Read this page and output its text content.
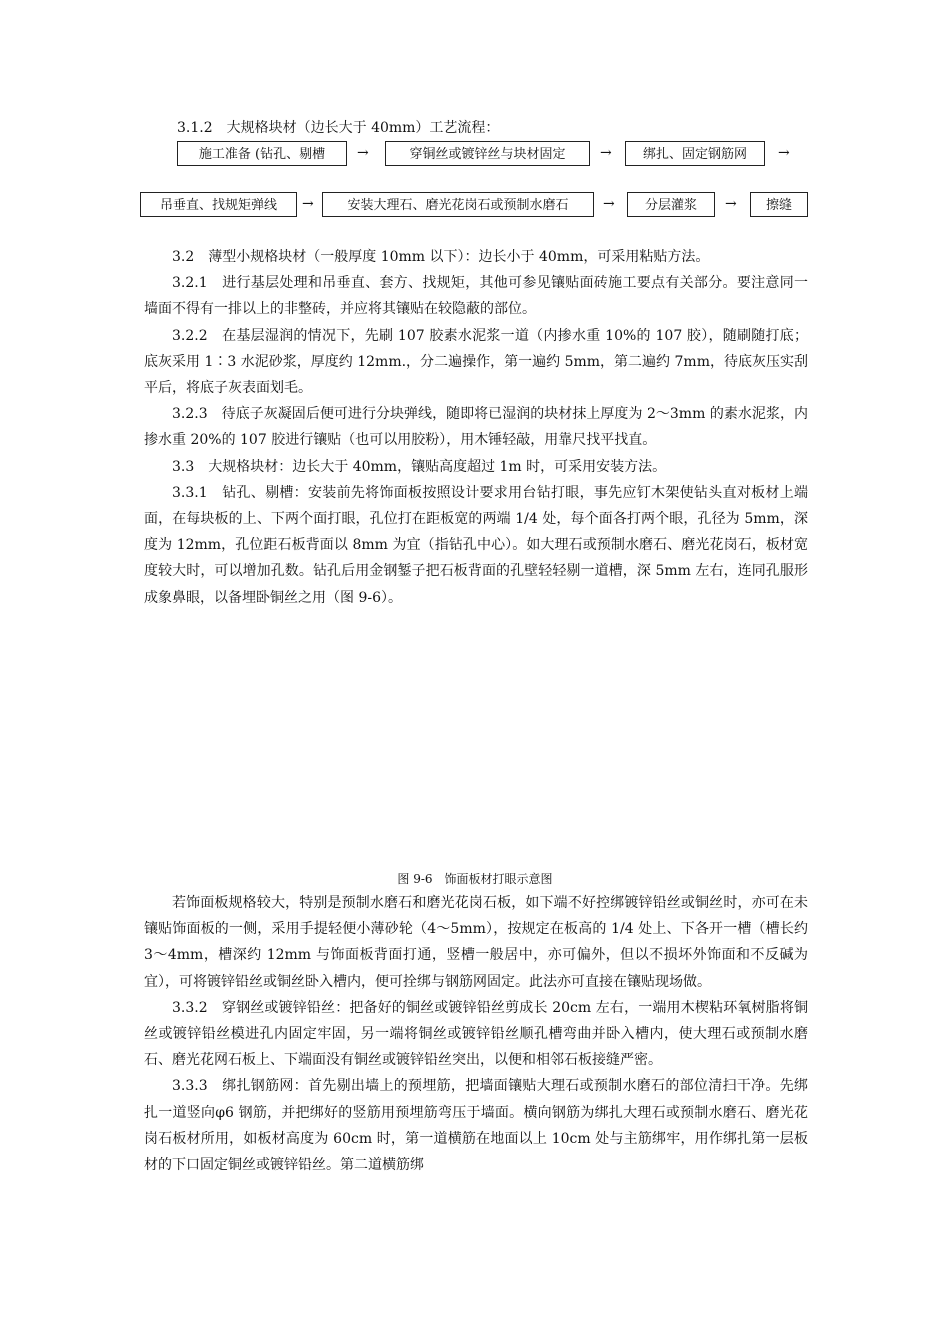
3.1.2　大规格块材（边长大于 40mm）工艺流程：
施工准备 (钻孔、剔槽	→	穿铜丝或镀锌丝与块材固定	→	绑扎、固定钢筋网	→
吊垂直、找规矩弹线	→	安装大理石、磨光花岗石或预制水磨石	→	分层灌浆	→	擦缝

3.2　薄型小规格块材（一般厚度 10mm 以下）：边长小于 40mm，可采用粘贴方法。

3.2.1　进行基层处理和吊垂直、套方、找规矩，其他可参见镶贴面砖施工要点有关部分。要注意同一墙面不得有一排以上的非整砖，并应将其镶贴在较隐蔽的部位。

3.2.2　在基层湿润的情况下，先刷 107 胶素水泥浆一道（内掺水重 10%的 107 胶），随刷随打底；底灰采用 1∶3 水泥砂浆，厚度约 12mm.，分二遍操作，第一遍约 5mm，第二遍约 7mm，待底灰压实刮平后，将底子灰表面划毛。

3.2.3　待底子灰凝固后便可进行分块弹线，随即将已湿润的块材抹上厚度为 2～3mm 的素水泥浆，内掺水重 20%的 107 胶进行镶贴（也可以用胶粉），用木锤轻敲，用靠尺找平找直。

3.3　大规格块材：边长大于 40mm，镶贴高度超过 1m 时，可采用安装方法。

3.3.1　钻孔、剔槽：安装前先将饰面板按照设计要求用台钻打眼，事先应钉木架使钻头直对板材上端面，在每块板的上、下两个面打眼，孔位打在距板宽的两端 1/4 处，每个面各打两个眼，孔径为 5mm，深度为 12mm，孔位距石板背面以 8mm 为宜（指钻孔中心）。如大理石或预制水磨石、磨光花岗石，板材宽度较大时，可以增加孔数。钻孔后用金钢錾子把石板背面的孔壁轻轻剔一道槽，深 5mm 左右，连同孔服形成象鼻眼，以备埋卧铜丝之用（图 9-6）。

图 9-6　饰面板材打眼示意图

若饰面板规格较大，特别是预制水磨石和磨光花岗石板，如下端不好控绑镀锌铅丝或铜丝时，亦可在未镶贴饰面板的一侧，采用手提轻便小薄砂轮（4～5mm），按规定在板高的 1/4 处上、下各开一槽（槽长约 3～4mm，槽深约 12mm 与饰面板背面打通，竖槽一般居中，亦可偏外，但以不损坏外饰面和不反碱为宜），可将镀锌铅丝或铜丝卧入槽内，便可拴绑与钢筋网固定。此法亦可直接在镶贴现场做。

3.3.2　穿钢丝或镀锌铅丝：把备好的铜丝或镀锌铅丝剪成长 20cm 左右，一端用木楔粘环氧树脂将铜丝或镀锌铅丝模进孔内固定牢固，另一端将铜丝或镀锌铅丝顺孔槽弯曲并卧入槽内，使大理石或预制水磨石、磨光花网石板上、下端面没有铜丝或镀锌铅丝突出，以便和相邻石板接缝严密。

3.3.3　绑扎钢筋网：首先剔出墙上的预埋筋，把墙面镶贴大理石或预制水磨石的部位清扫干净。先绑扎一道竖向φ6 钢筋，并把绑好的竖筋用预埋筋弯压于墙面。横向钢筋为绑扎大理石或预制水磨石、磨光花岗石板材所用，如板材高度为 60cm 时，第一道横筋在地面以上 10cm 处与主筋绑牢，用作绑扎第一层板材的下口固定铜丝或镀锌铅丝。第二道横筋绑
